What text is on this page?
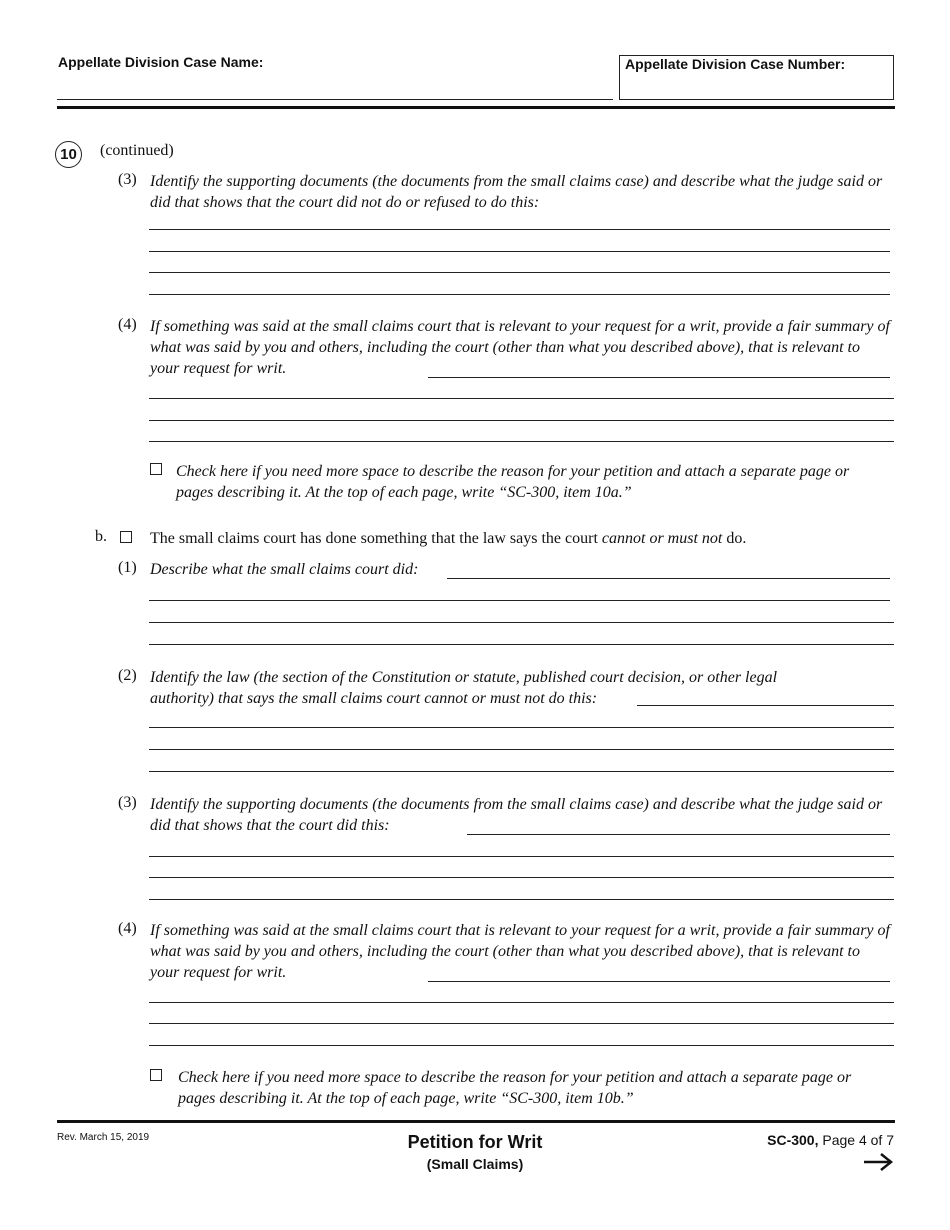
Appellate Division Case Name:	Appellate Division Case Number:
10	(continued)
(3) Identify the supporting documents (the documents from the small claims case) and describe what the judge said or did that shows that the court did not do or refused to do this:
(4) If something was said at the small claims court that is relevant to your request for a writ, provide a fair summary of what was said by you and others, including the court (other than what you described above), that is relevant to your request for writ.
Check here if you need more space to describe the reason for your petition and attach a separate page or pages describing it. At the top of each page, write “SC-300, item 10a.”
b.	The small claims court has done something that the law says the court cannot or must not do.
(1) Describe what the small claims court did:
(2) Identify the law (the section of the Constitution or statute, published court decision, or other legal authority) that says the small claims court cannot or must not do this:
(3) Identify the supporting documents (the documents from the small claims case) and describe what the judge said or did that shows that the court did this:
(4) If something was said at the small claims court that is relevant to your request for a writ, provide a fair summary of what was said by you and others, including the court (other than what you described above), that is relevant to your request for writ.
Check here if you need more space to describe the reason for your petition and attach a separate page or pages describing it. At the top of each page, write “SC-300, item 10b.”
Rev. March 15, 2019	Petition for Writ
(Small Claims)
SC-300, Page 4 of 7
